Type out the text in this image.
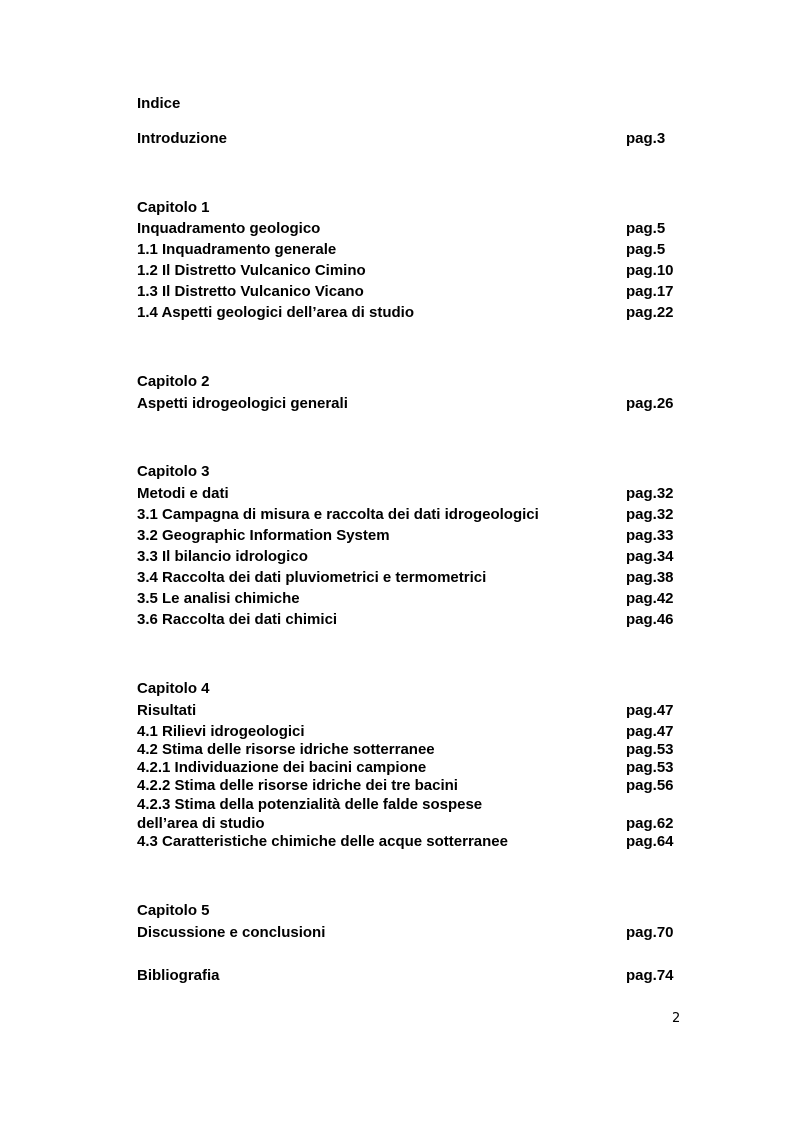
Indice
Introduzione	pag.3
Capitolo 1
Inquadramento geologico	pag.5
1.1 Inquadramento generale	pag.5
1.2 Il Distretto Vulcanico Cimino	pag.10
1.3 Il Distretto Vulcanico Vicano	pag.17
1.4 Aspetti geologici dell’area di studio	pag.22
Capitolo 2
Aspetti idrogeologici generali	pag.26
Capitolo 3
Metodi e dati	pag.32
3.1 Campagna di misura e raccolta dei dati idrogeologici	pag.32
3.2 Geographic Information System	pag.33
3.3 Il bilancio idrologico	pag.34
3.4 Raccolta dei dati pluviometrici e termometrici	pag.38
3.5 Le analisi chimiche	pag.42
3.6 Raccolta dei dati chimici	pag.46
Capitolo 4
Risultati	pag.47
4.1 Rilievi idrogeologici	pag.47
4.2 Stima delle risorse idriche sotterranee	pag.53
4.2.1 Individuazione dei bacini campione	pag.53
4.2.2 Stima delle risorse idriche dei tre bacini	pag.56
4.2.3 Stima della potenzialità delle falde sospese
dell’area di studio	pag.62
4.3 Caratteristiche chimiche delle acque sotterranee	pag.64
Capitolo 5
Discussione e conclusioni	pag.70
Bibliografia	pag.74
2
